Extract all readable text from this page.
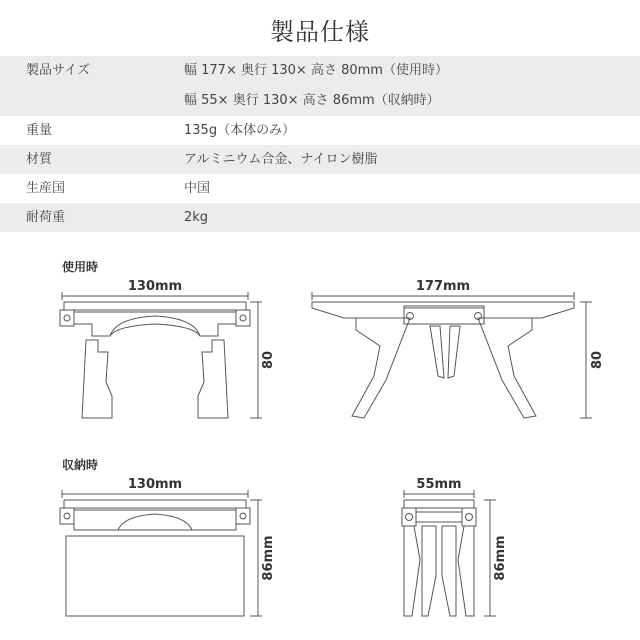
製品仕様
製品サイズ	幅 177× 奥行 130× 高さ 80mm（使用時）
幅 55× 奥行 130× 高さ 86mm（収納時）
重量	135g（本体のみ）
材質	アルミニウム合金、ナイロン樹脂
生産国	中国
耐荷重	2kg
使用時
収納時
130mm	177mm
130mm	55mm
80	80
86mm	86mm
